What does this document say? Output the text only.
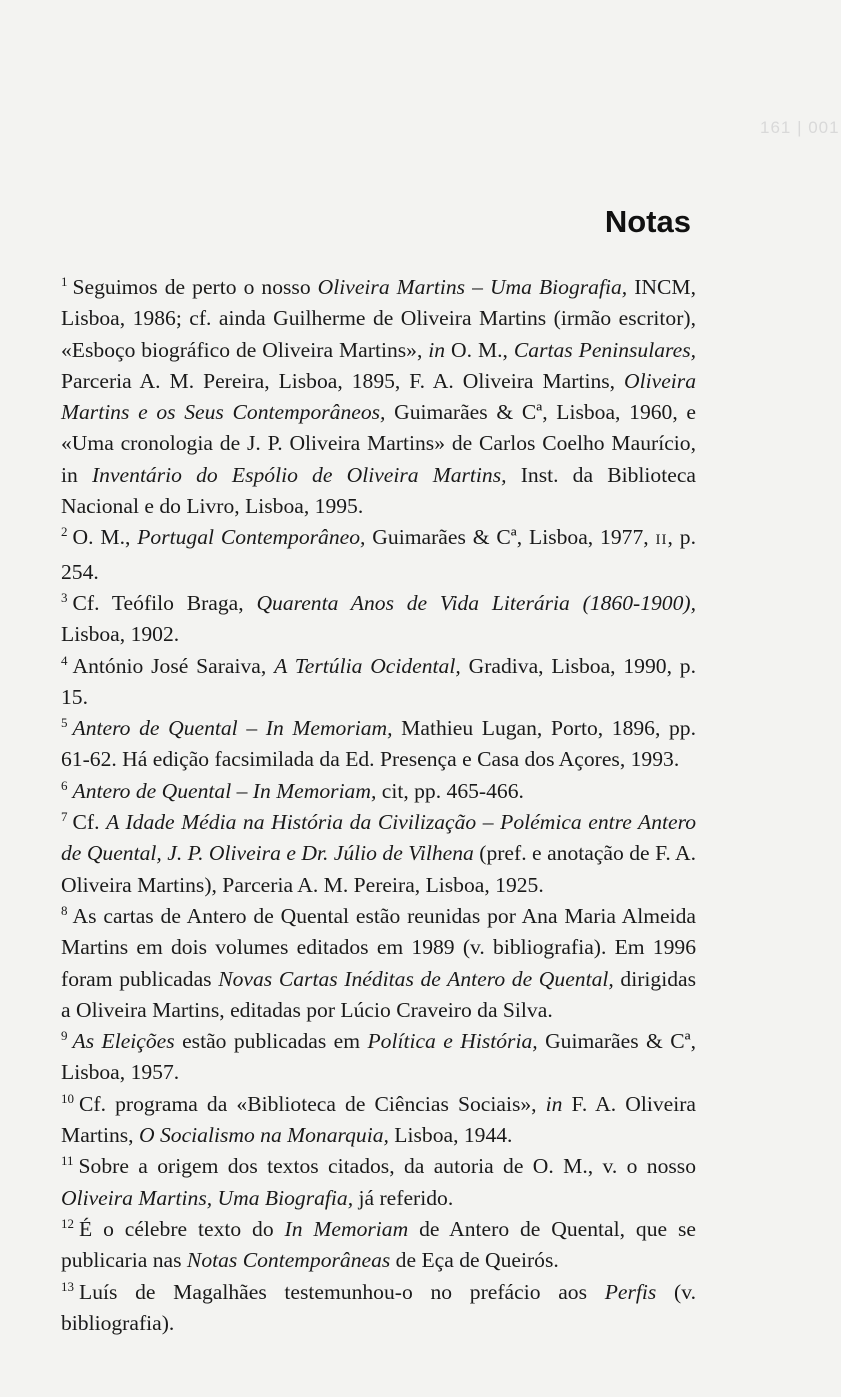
161 | 001
Notas

$^1$ Seguimos de perto o nosso Oliveira Martins – Uma Biografia, INCM, Lisboa, 1986; cf. ainda Guilherme de Oliveira Martins (irmão escritor), «Esboço biográfico de Oliveira Martins», in O. M., Cartas Peninsulares, Parceria A. M. Pereira, Lisboa, 1895, F. A. Oliveira Martins, Oliveira Martins e os Seus Contemporâneos, Guimarães & Cª, Lisboa, 1960, e «Uma cronologia de J. P. Oliveira Martins» de Carlos Coelho Maurício, in Inventário do Espólio de Oliveira Martins, Inst. da Biblioteca Nacional e do Livro, Lisboa, 1995.

$^2$ O. M., Portugal Contemporâneo, Guimarães & Cª, Lisboa, 1977, II, p. 254.

$^3$ Cf. Teófilo Braga, Quarenta Anos de Vida Literária (1860-1900), Lisboa, 1902.

$^4$ António José Saraiva, A Tertúlia Ocidental, Gradiva, Lisboa, 1990, p. 15.

$^5$ Antero de Quental – In Memoriam, Mathieu Lugan, Porto, 1896, pp. 61-62. Há edição facsimilada da Ed. Presença e Casa dos Açores, 1993.

$^6$ Antero de Quental – In Memoriam, cit, pp. 465-466.

$^7$ Cf. A Idade Média na História da Civilização – Polémica entre Antero de Quental, J. P. Oliveira e Dr. Júlio de Vilhena (pref. e anotação de F. A. Oliveira Martins), Parceria A. M. Pereira, Lisboa, 1925.

$^8$ As cartas de Antero de Quental estão reunidas por Ana Maria Almeida Martins em dois volumes editados em 1989 (v. bibliografia). Em 1996 foram publicadas Novas Cartas Inéditas de Antero de Quental, dirigidas a Oliveira Martins, editadas por Lúcio Craveiro da Silva.

$^9$ As Eleições estão publicadas em Política e História, Guimarães & Cª, Lisboa, 1957.

$^{10}$ Cf. programa da «Biblioteca de Ciências Sociais», in F. A. Oliveira Martins, O Socialismo na Monarquia, Lisboa, 1944.

$^{11}$ Sobre a origem dos textos citados, da autoria de O. M., v. o nosso Oliveira Martins, Uma Biografia, já referido.

$^{12}$ É o célebre texto do In Memoriam de Antero de Quental, que se publicaria nas Notas Contemporâneas de Eça de Queirós.

$^{13}$ Luís de Magalhães testemunhou-o no prefácio aos Perfis (v. bibliografia).
